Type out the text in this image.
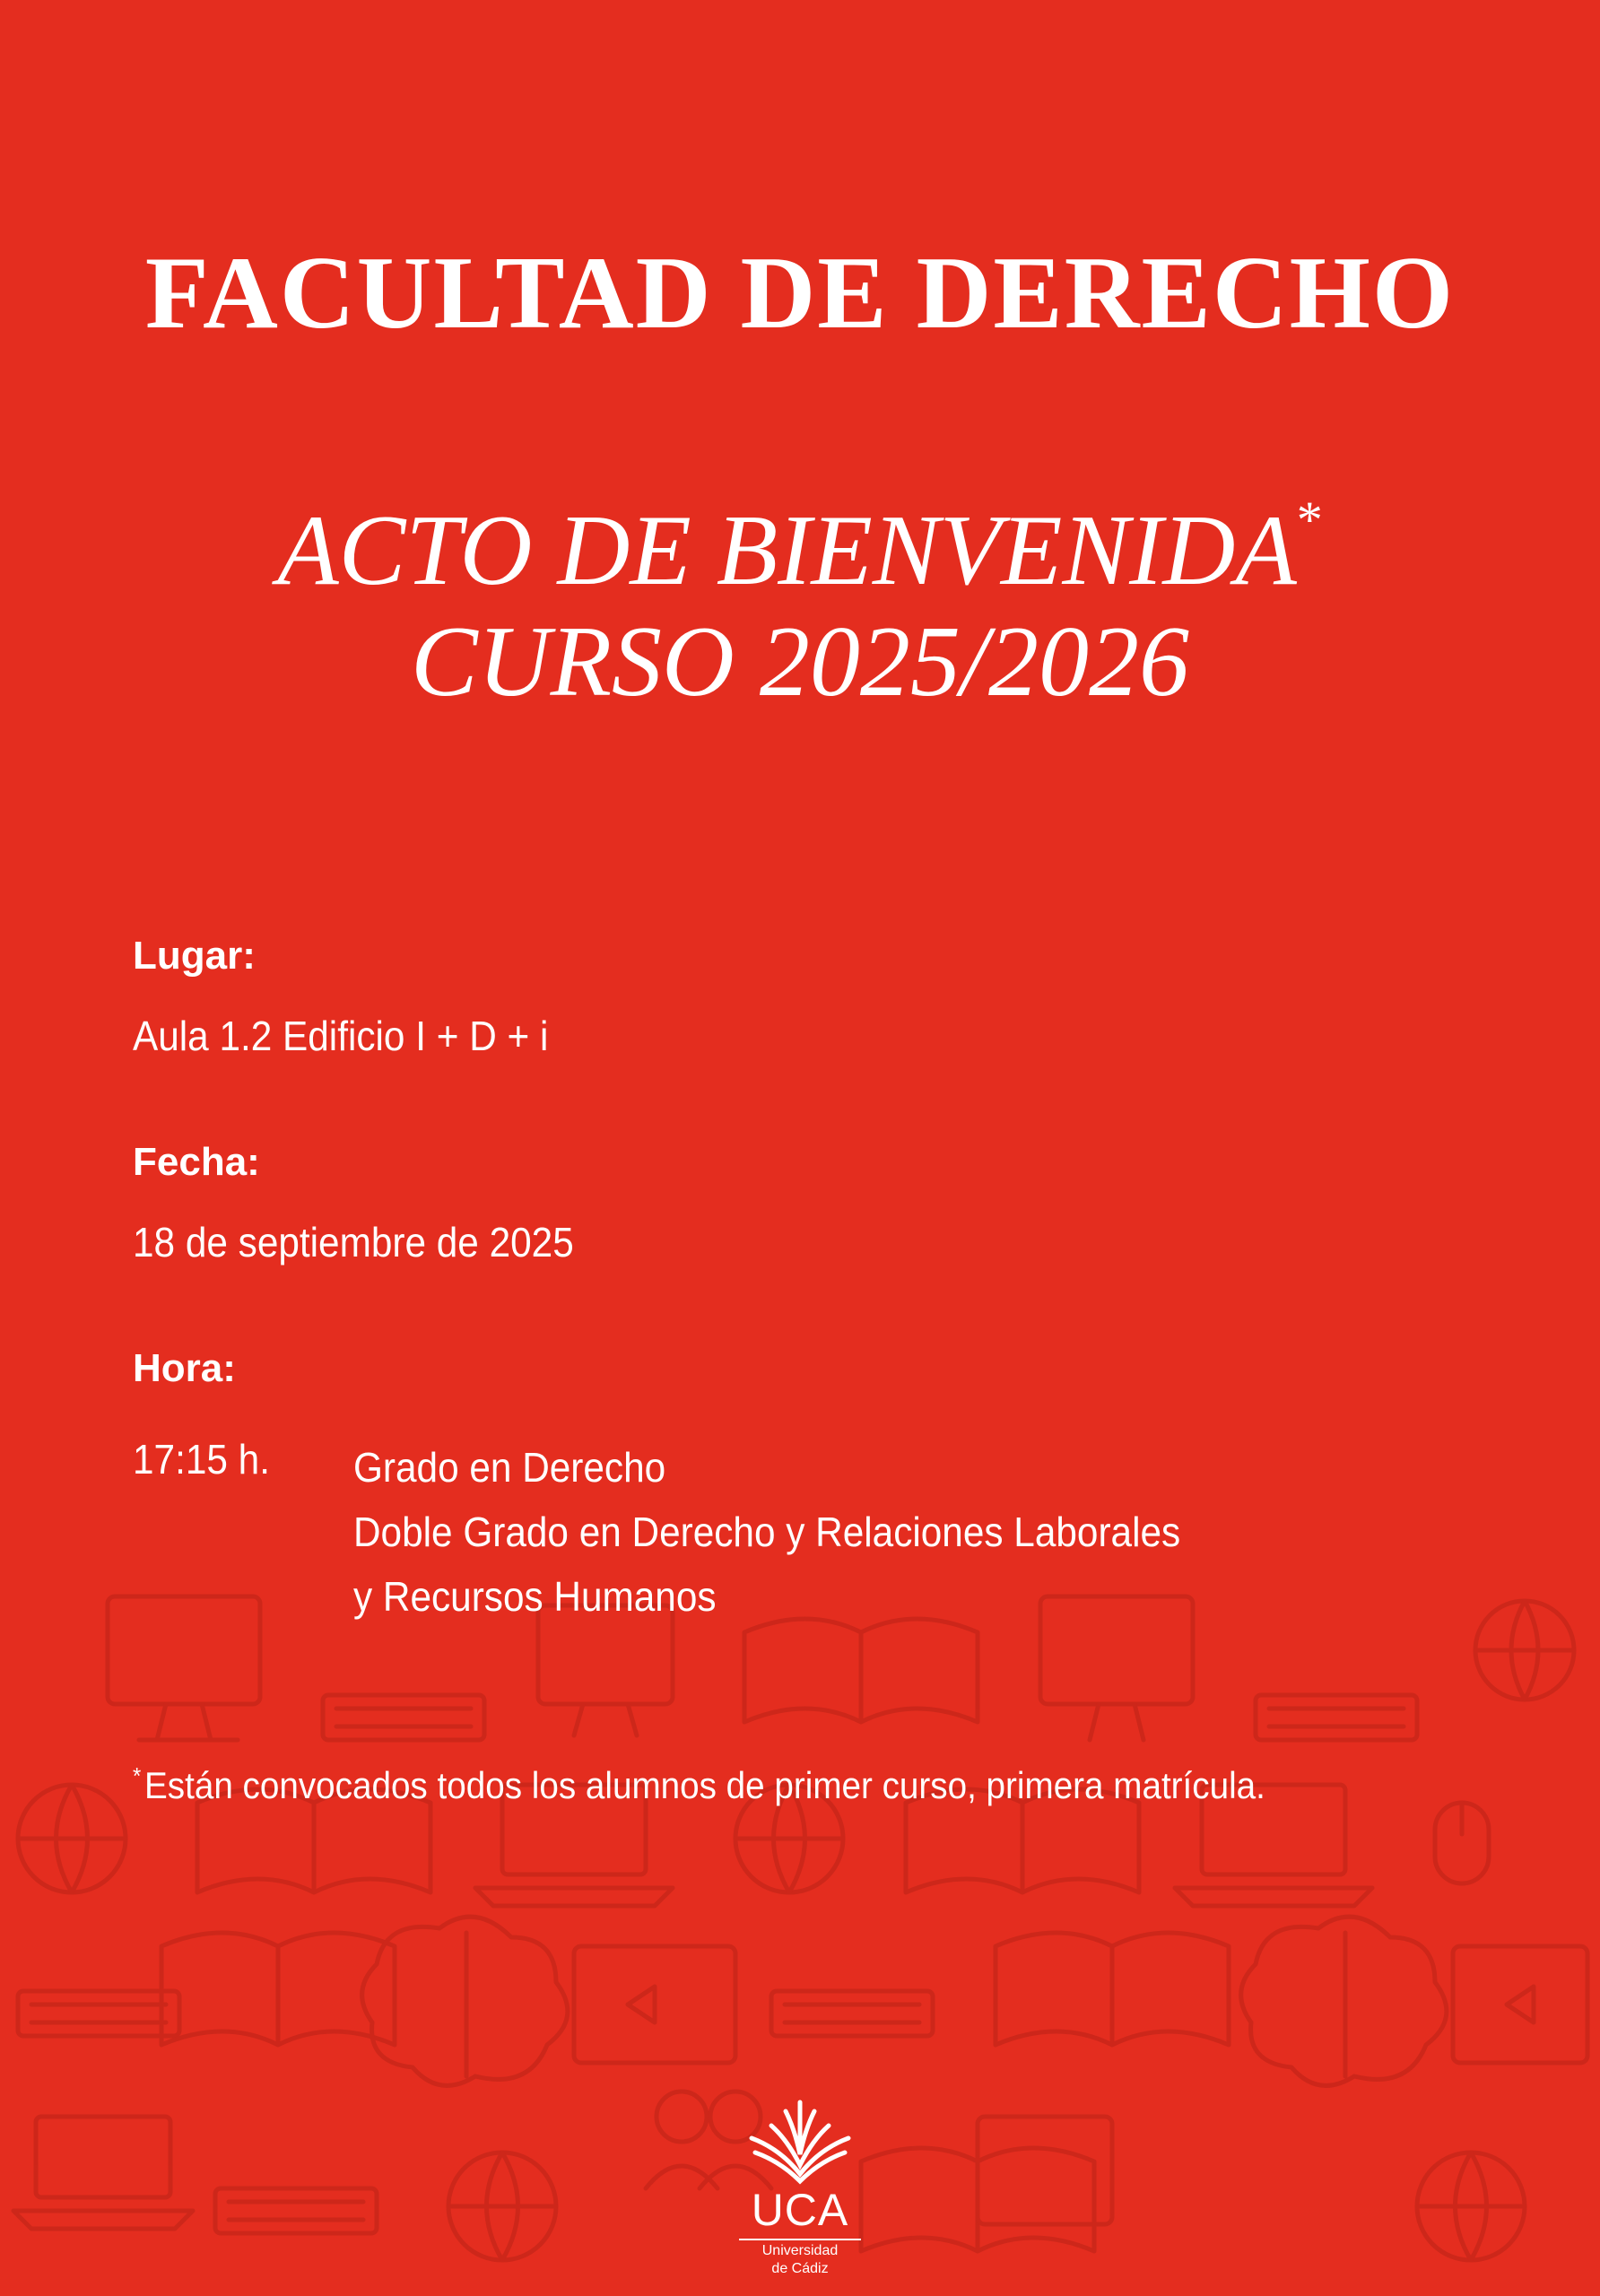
FACULTAD DE DERECHO
ACTO DE BIENVENIDA*
CURSO 2025/2026

Lugar:

Aula 1.2 Edificio I + D + i

Fecha:

18 de septiembre de 2025

Hora:

17:15 h. Grado en Derecho
Doble Grado en Derecho y Relaciones Laborales
y Recursos Humanos
*Están convocados todos los alumnos de primer curso, primera matrícula.
UCA
Universidad
de Cádiz
